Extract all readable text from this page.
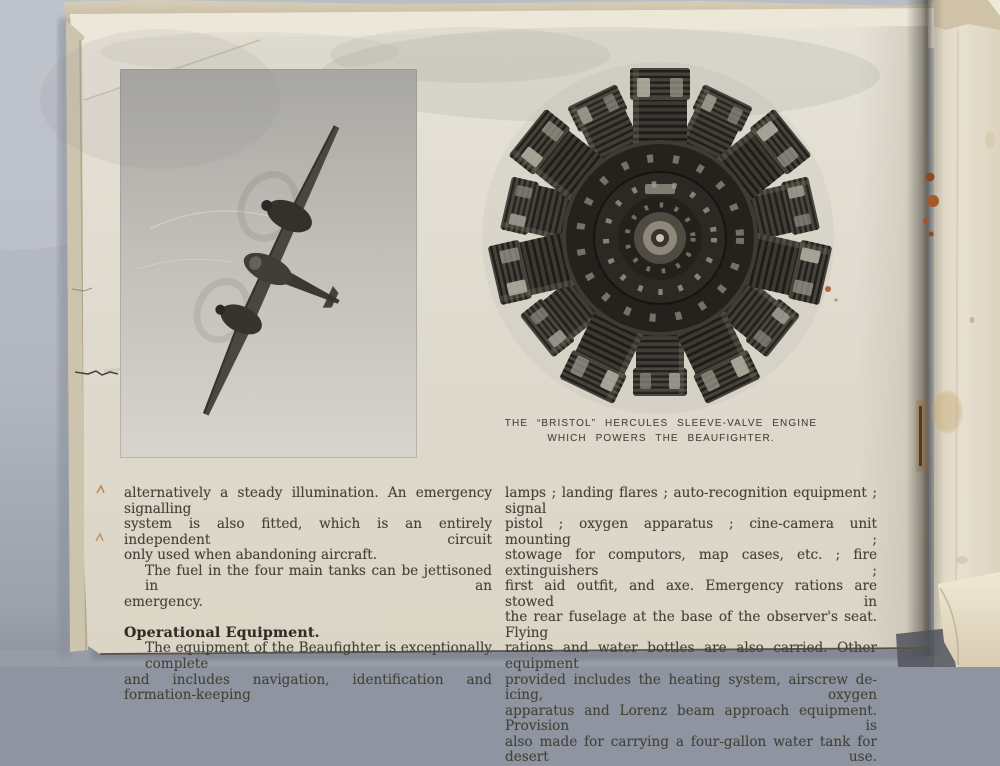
THE “BRISTOL” HERCULES SLEEVE-VALVE ENGINE
WHICH POWERS THE BEAUFIGHTER.
alternatively a steady illumination. An emergency signalling
system is also fitted, which is an entirely independent circuit
only used when abandoning aircraft.
The fuel in the four main tanks can be jettisoned in an
emergency.

Operational Equipment.
The equipment of the Beaufighter is exceptionally complete
and includes navigation, identification and formation-keeping
lamps ; landing flares ; auto-recognition equipment ; signal
pistol ; oxygen apparatus ; cine-camera unit mounting ;
stowage for computors, map cases, etc. ; fire extinguishers ;
first aid outfit, and axe. Emergency rations are stowed in
the rear fuselage at the base of the observer's seat. Flying
rations and water bottles are also carried. Other equipment
provided includes the heating system, airscrew de-icing, oxygen
apparatus and Lorenz beam approach equipment. Provision is
also made for carrying a four-gallon water tank for desert use.
